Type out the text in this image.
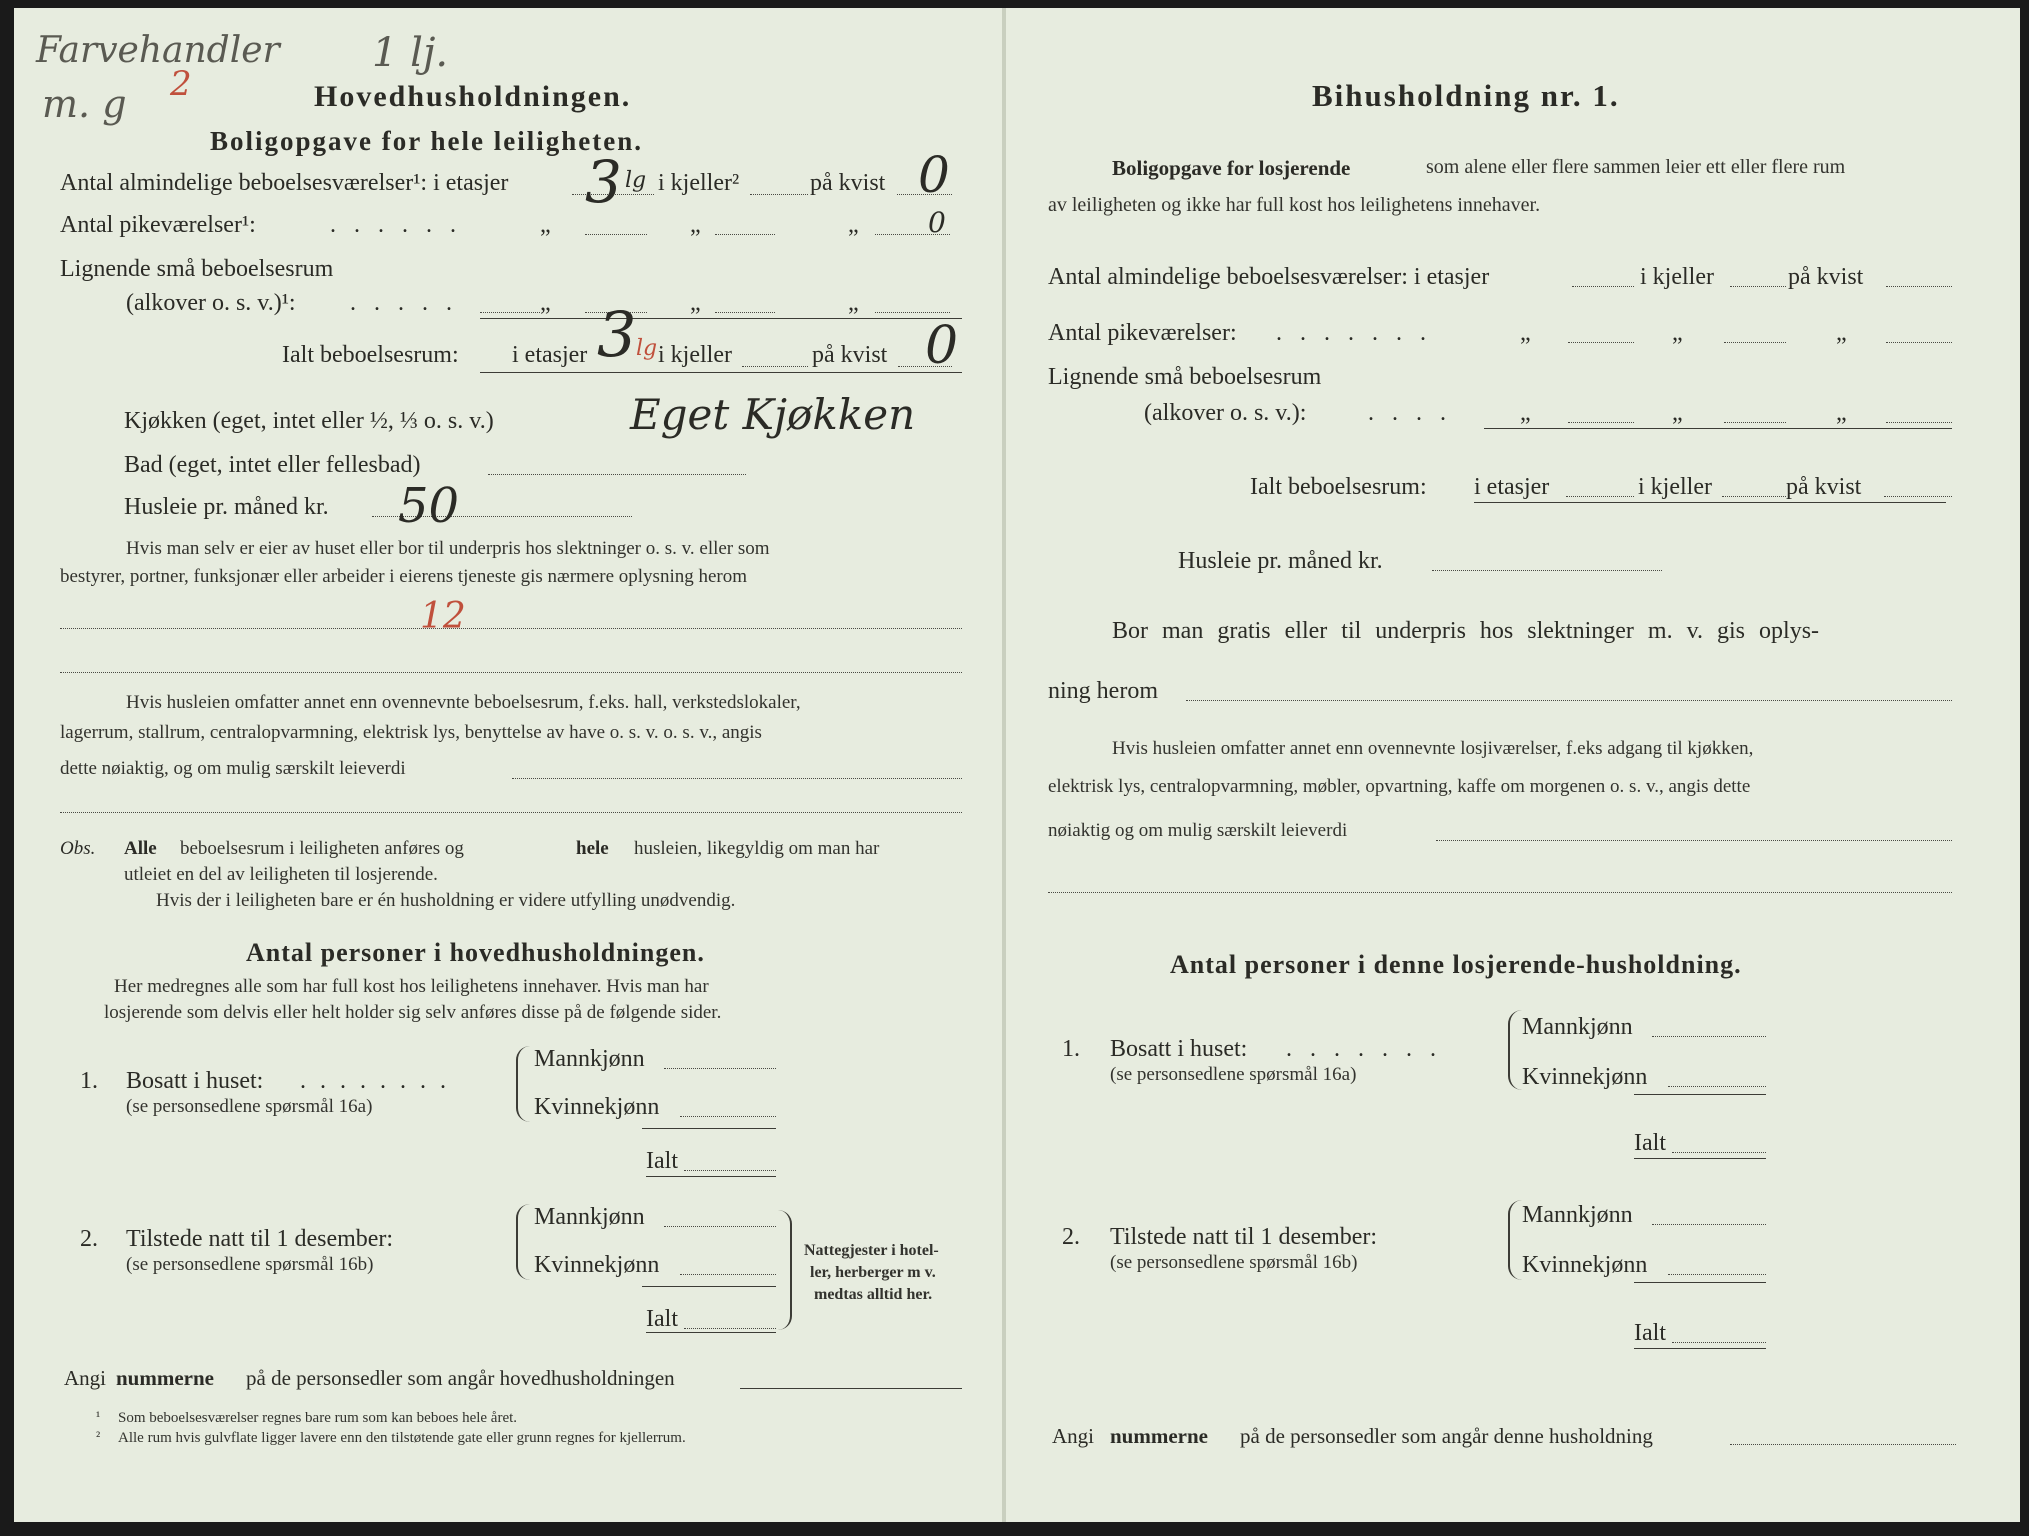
Farvehandler
m. g 2
1 lj.
Hovedhusholdningen.
Boligopgave for hele leiligheten.
Antal almindelige beboelsesværelser¹: i etasjer 3 lg i kjeller²	på kvist 0
Antal pikeværelser¹:	. . . . . .	„	„	„ 0
Lignende små beboelsesrum
(alkover o. s. v.)¹: . . . . .	„	„	„
Ialt beboelsesrum: i etasjer 3 lg i kjeller	på kvist 0
Kjøkken (eget, intet eller ½, ⅓ o. s. v.)	Eget Kjøkken
Bad (eget, intet eller fellesbad)
Husleie pr. måned kr. 50
Hvis man selv er eier av huset eller bor til underpris hos slektninger o. s. v. eller som
bestyrer, portner, funksjonær eller arbeider i eierens tjeneste gis nærmere oplysning herom
12
Hvis husleien omfatter annet enn ovennevnte beboelsesrum, f.eks. hall, verkstedslokaler,
lagerrum, stallrum, centralopvarmning, elektrisk lys, benyttelse av have o. s. v. o. s. v., angis
dette nøiaktig, og om mulig særskilt leieverdi
Obs. Alle beboelsesrum i leiligheten anføres og	hele husleien, likegyldig om man har
utleiet en del av leiligheten til losjerende.
Hvis der i leiligheten bare er én husholdning er videre utfylling unødvendig.
Antal personer i hovedhusholdningen.
Her medregnes alle som har full kost hos leilighetens innehaver. Hvis man har
losjerende som delvis eller helt holder sig selv anføres disse på de følgende sider.
1. Bosatt i huset: . . . . . . . .
(se personsedlene spørsmål 16a)
Mannkjønn
Kvinnekjønn
Ialt
2. Tilstede natt til 1 desember:
(se personsedlene spørsmål 16b)
Mannkjønn
Kvinnekjønn
Ialt
Nattegjester i hotel-
ler, herberger m v.
medtas alltid her.
Angi nummerne på de personsedler som angår hovedhusholdningen
¹ Som beboelsesværelser regnes bare rum som kan beboes hele året.
² Alle rum hvis gulvflate ligger lavere enn den tilstøtende gate eller grunn regnes for kjellerrum.
Bihusholdning nr. 1.
Boligopgave for losjerende	som alene eller flere sammen leier ett eller flere rum
av leiligheten og ikke har full kost hos leilighetens innehaver.
Antal almindelige beboelsesværelser: i etasjer	i kjeller	på kvist
Antal pikeværelser: . . . . . . .	„	„	„
Lignende små beboelsesrum
(alkover o. s. v.):	. . . .	„	„	„
Ialt beboelsesrum: i etasjer	i kjeller	på kvist
Husleie pr. måned kr.
Bor man gratis eller til underpris hos slektninger m. v. gis oplys-
ning herom
Hvis husleien omfatter annet enn ovennevnte losjiværelser, f.eks adgang til kjøkken,
elektrisk lys, centralopvarmning, møbler, opvartning, kaffe om morgenen o. s. v., angis dette
nøiaktig og om mulig særskilt leieverdi
Antal personer i denne losjerende-husholdning.
1. Bosatt i huset: . . . . . . .
(se personsedlene spørsmål 16a)
Mannkjønn
Kvinnekjønn
Ialt
2. Tilstede natt til 1 desember:
(se personsedlene spørsmål 16b)
Mannkjønn
Kvinnekjønn
Ialt
Angi nummerne på de personsedler som angår denne husholdning
